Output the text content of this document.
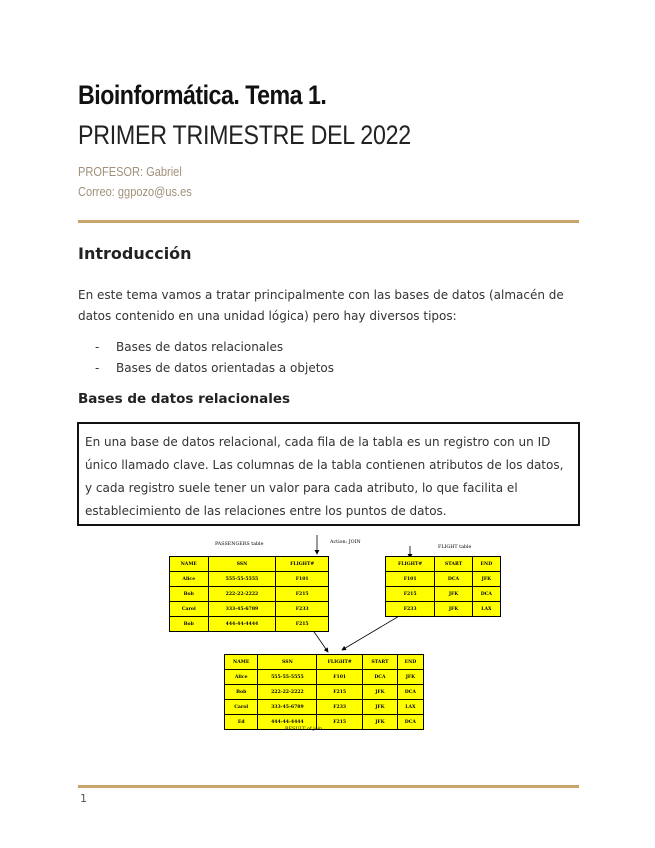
Bioinformática. Tema 1.
PRIMER TRIMESTRE DEL 2022
PROFESOR: Gabriel
Correo: ggpozo@us.es
Introducción
En este tema vamos a tratar principalmente con las bases de datos (almacén de datos contenido en una unidad lógica) pero hay diversos tipos:
- Bases de datos relacionales
- Bases de datos orientadas a objetos
Bases de datos relacionales

En una base de datos relacional, cada fila de la tabla es un registro con un ID único llamado clave. Las columnas de la tabla contienen atributos de los datos, y cada registro suele tener un valor para cada atributo, lo que facilita el establecimiento de las relaciones entre los puntos de datos.

PASSENGERS table	Action: JOIN
FLIGHT table
NAME	SSN	FLIGHT#
Alice	555-55-5555	F101
Bob	222-22-2222	F215
Carol	333-45-6789	F233
Bob	444-44-4444	F215
FLIGHT#	START	END
F101	DCA	JFK
F215	JFK	DCA
F233	JFK	LAX
NAME	SSN	FLIGHT#	START	END
Alice	555-55-5555	F101	DCA	JFK
Bob	222-22-2222	F215	JFK	DCA
Carol	333-45-6789	F233	JFK	LAX
Ed	444-44-4444	F215	JFK	DCA
RESULT of join
1
